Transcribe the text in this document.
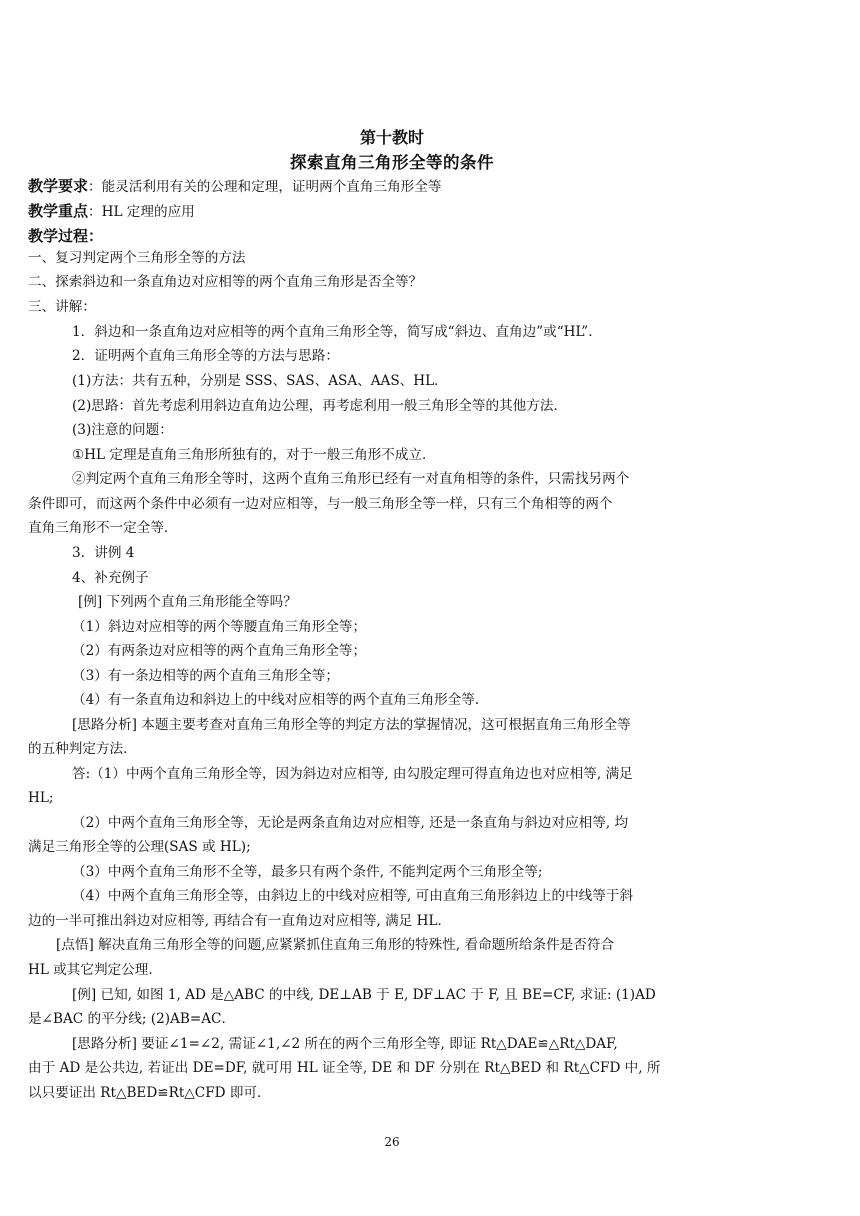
第十教时
探索直角三角形全等的条件
教学要求：能灵活利用有关的公理和定理，证明两个直角三角形全等
教学重点：HL 定理的应用
教学过程：
一、复习判定两个三角形全等的方法
二、探索斜边和一条直角边对应相等的两个直角三角形是否全等？
三、讲解：
1．斜边和一条直角边对应相等的两个直角三角形全等，简写成“斜边、直角边”或“HL”.
2．证明两个直角三角形全等的方法与思路：
(1)方法：共有五种，分别是 SSS、SAS、ASA、AAS、HL．
(2)思路：首先考虑利用斜边直角边公理，再考虑利用一般三角形全等的其他方法．
(3)注意的问题：
①HL 定理是直角三角形所独有的，对于一般三角形不成立．
②判定两个直角三角形全等时，这两个直角三角形已经有一对直角相等的条件，只需找另两个
条件即可，而这两个条件中必须有一边对应相等，与一般三角形全等一样，只有三个角相等的两个
直角三角形不一定全等．
3．讲例 4
4、补充例子
[例] 下列两个直角三角形能全等吗？
（1）斜边对应相等的两个等腰直角三角形全等；
（2）有两条边对应相等的两个直角三角形全等；
（3）有一条边相等的两个直角三角形全等；
（4）有一条直角边和斜边上的中线对应相等的两个直角三角形全等．
[思路分析] 本题主要考查对直角三角形全等的判定方法的掌握情况，这可根据直角三角形全等
的五种判定方法．
答:（1）中两个直角三角形全等，因为斜边对应相等, 由勾股定理可得直角边也对应相等, 满足
HL;
（2）中两个直角三角形全等，无论是两条直角边对应相等, 还是一条直角与斜边对应相等, 均
满足三角形全等的公理(SAS 或 HL);
（3）中两个直角三角形不全等，最多只有两个条件, 不能判定两个三角形全等;
（4）中两个直角三角形全等，由斜边上的中线对应相等, 可由直角三角形斜边上的中线等于斜
边的一半可推出斜边对应相等, 再结合有一直角边对应相等, 满足 HL．
[点悟] 解决直角三角形全等的问题,应紧紧抓住直角三角形的特殊性, 看命题所给条件是否符合
HL 或其它判定公理．
[例] 已知, 如图 1, AD 是△ABC 的中线, DE⊥AB 于 E, DF⊥AC 于 F, 且 BE=CF, 求证: (1)AD
是∠BAC 的平分线; (2)AB=AC．
[思路分析] 要证∠1=∠2, 需证∠1,∠2 所在的两个三角形全等, 即证 Rt△DAE≌△Rt△DAF,
由于 AD 是公共边, 若证出 DE=DF, 就可用 HL 证全等, DE 和 DF 分别在 Rt△BED 和 Rt△CFD 中, 所
以只要证出 Rt△BED≌Rt△CFD 即可．
26
